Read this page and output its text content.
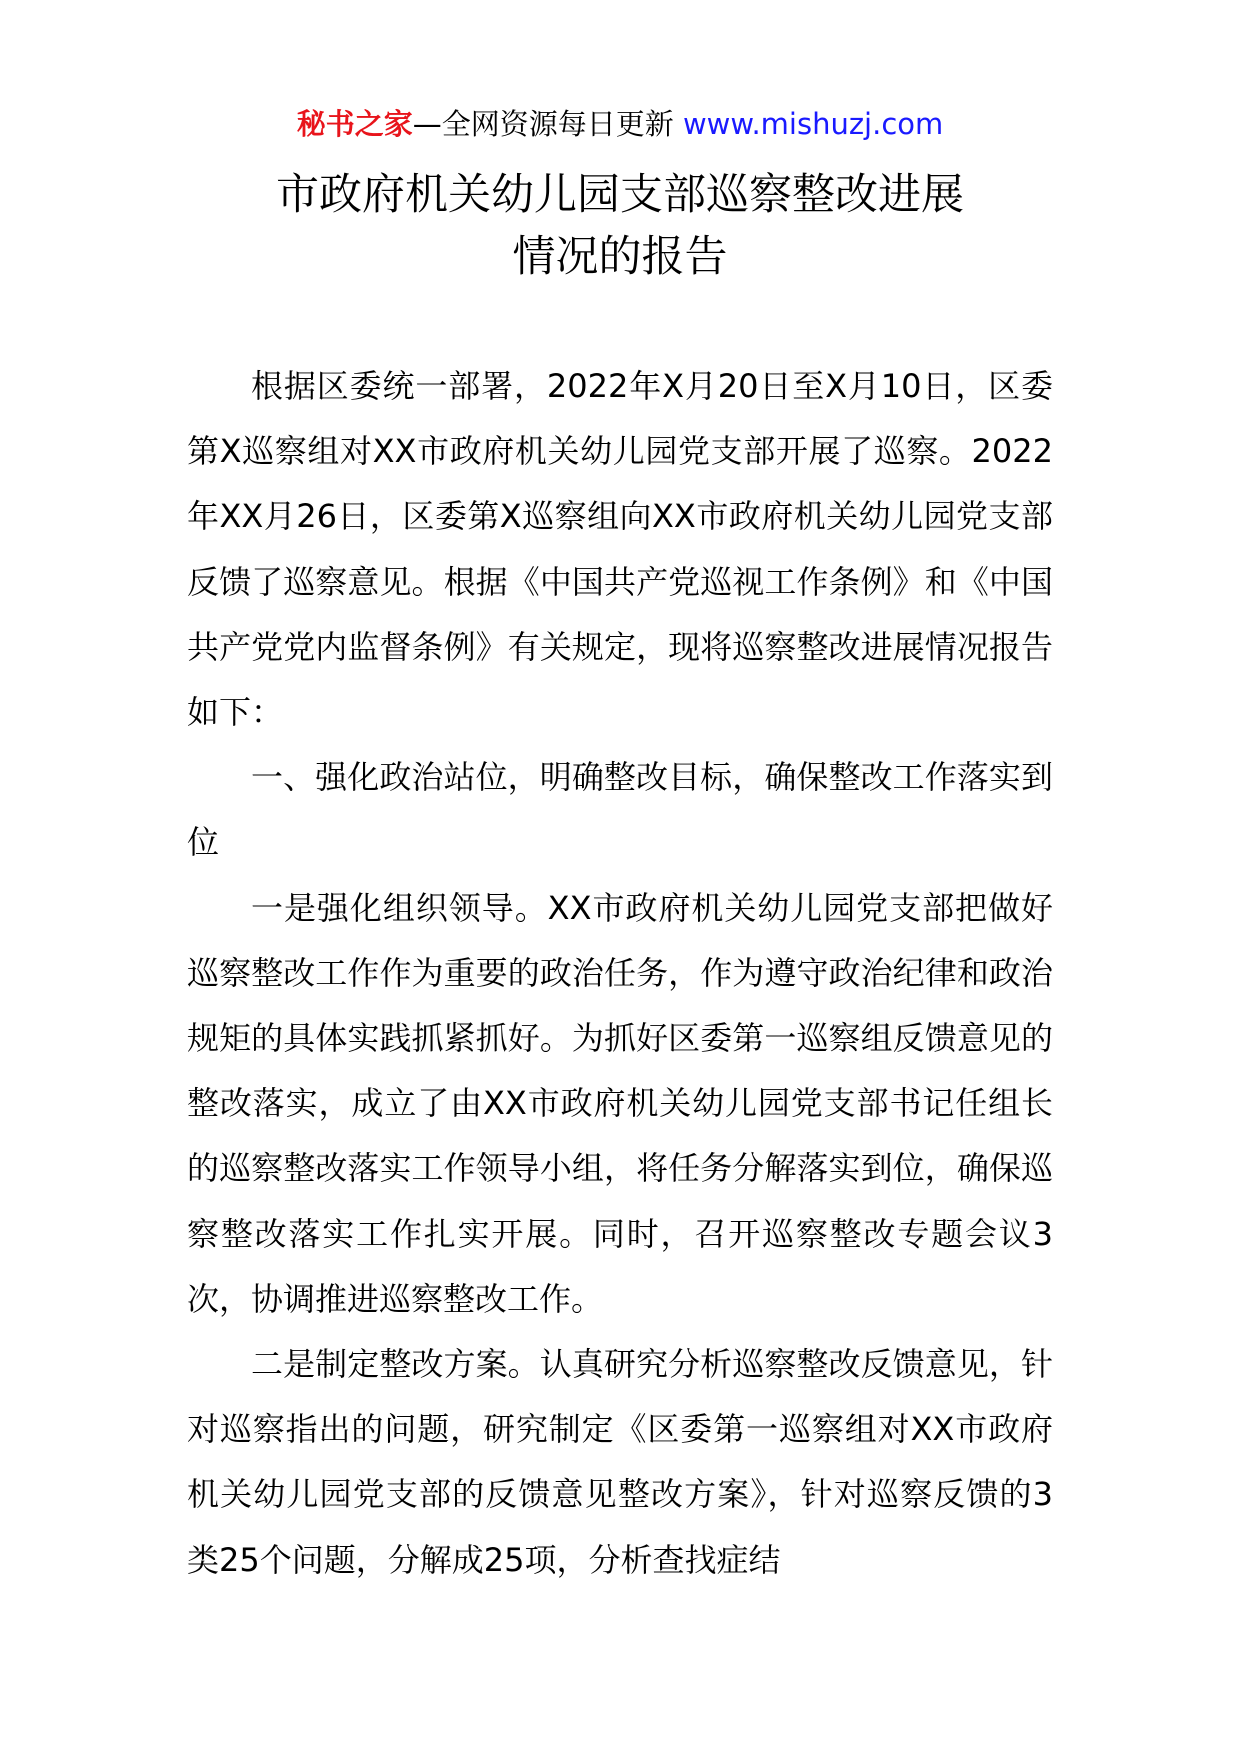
秘书之家—全网资源每日更新 www.mishuzj.com
市政府机关幼儿园支部巡察整改进展
情况的报告

根据区委统一部署，2022年X月20日至X月10日，区委第X巡察组对XX市政府机关幼儿园党支部开展了巡察。2022年XX月26日，区委第X巡察组向XX市政府机关幼儿园党支部反馈了巡察意见。根据《中国共产党巡视工作条例》和《中国共产党党内监督条例》有关规定，现将巡察整改进展情况报告如下：

一、强化政治站位，明确整改目标，确保整改工作落实到位

一是强化组织领导。XX市政府机关幼儿园党支部把做好巡察整改工作作为重要的政治任务，作为遵守政治纪律和政治规矩的具体实践抓紧抓好。为抓好区委第一巡察组反馈意见的整改落实，成立了由XX市政府机关幼儿园党支部书记任组长的巡察整改落实工作领导小组，将任务分解落实到位，确保巡察整改落实工作扎实开展。同时，召开巡察整改专题会议3次，协调推进巡察整改工作。

二是制定整改方案。认真研究分析巡察整改反馈意见，针对巡察指出的问题，研究制定《区委第一巡察组对XX市政府机关幼儿园党支部的反馈意见整改方案》，针对巡察反馈的3类25个问题，分解成25项，分析查找症结
